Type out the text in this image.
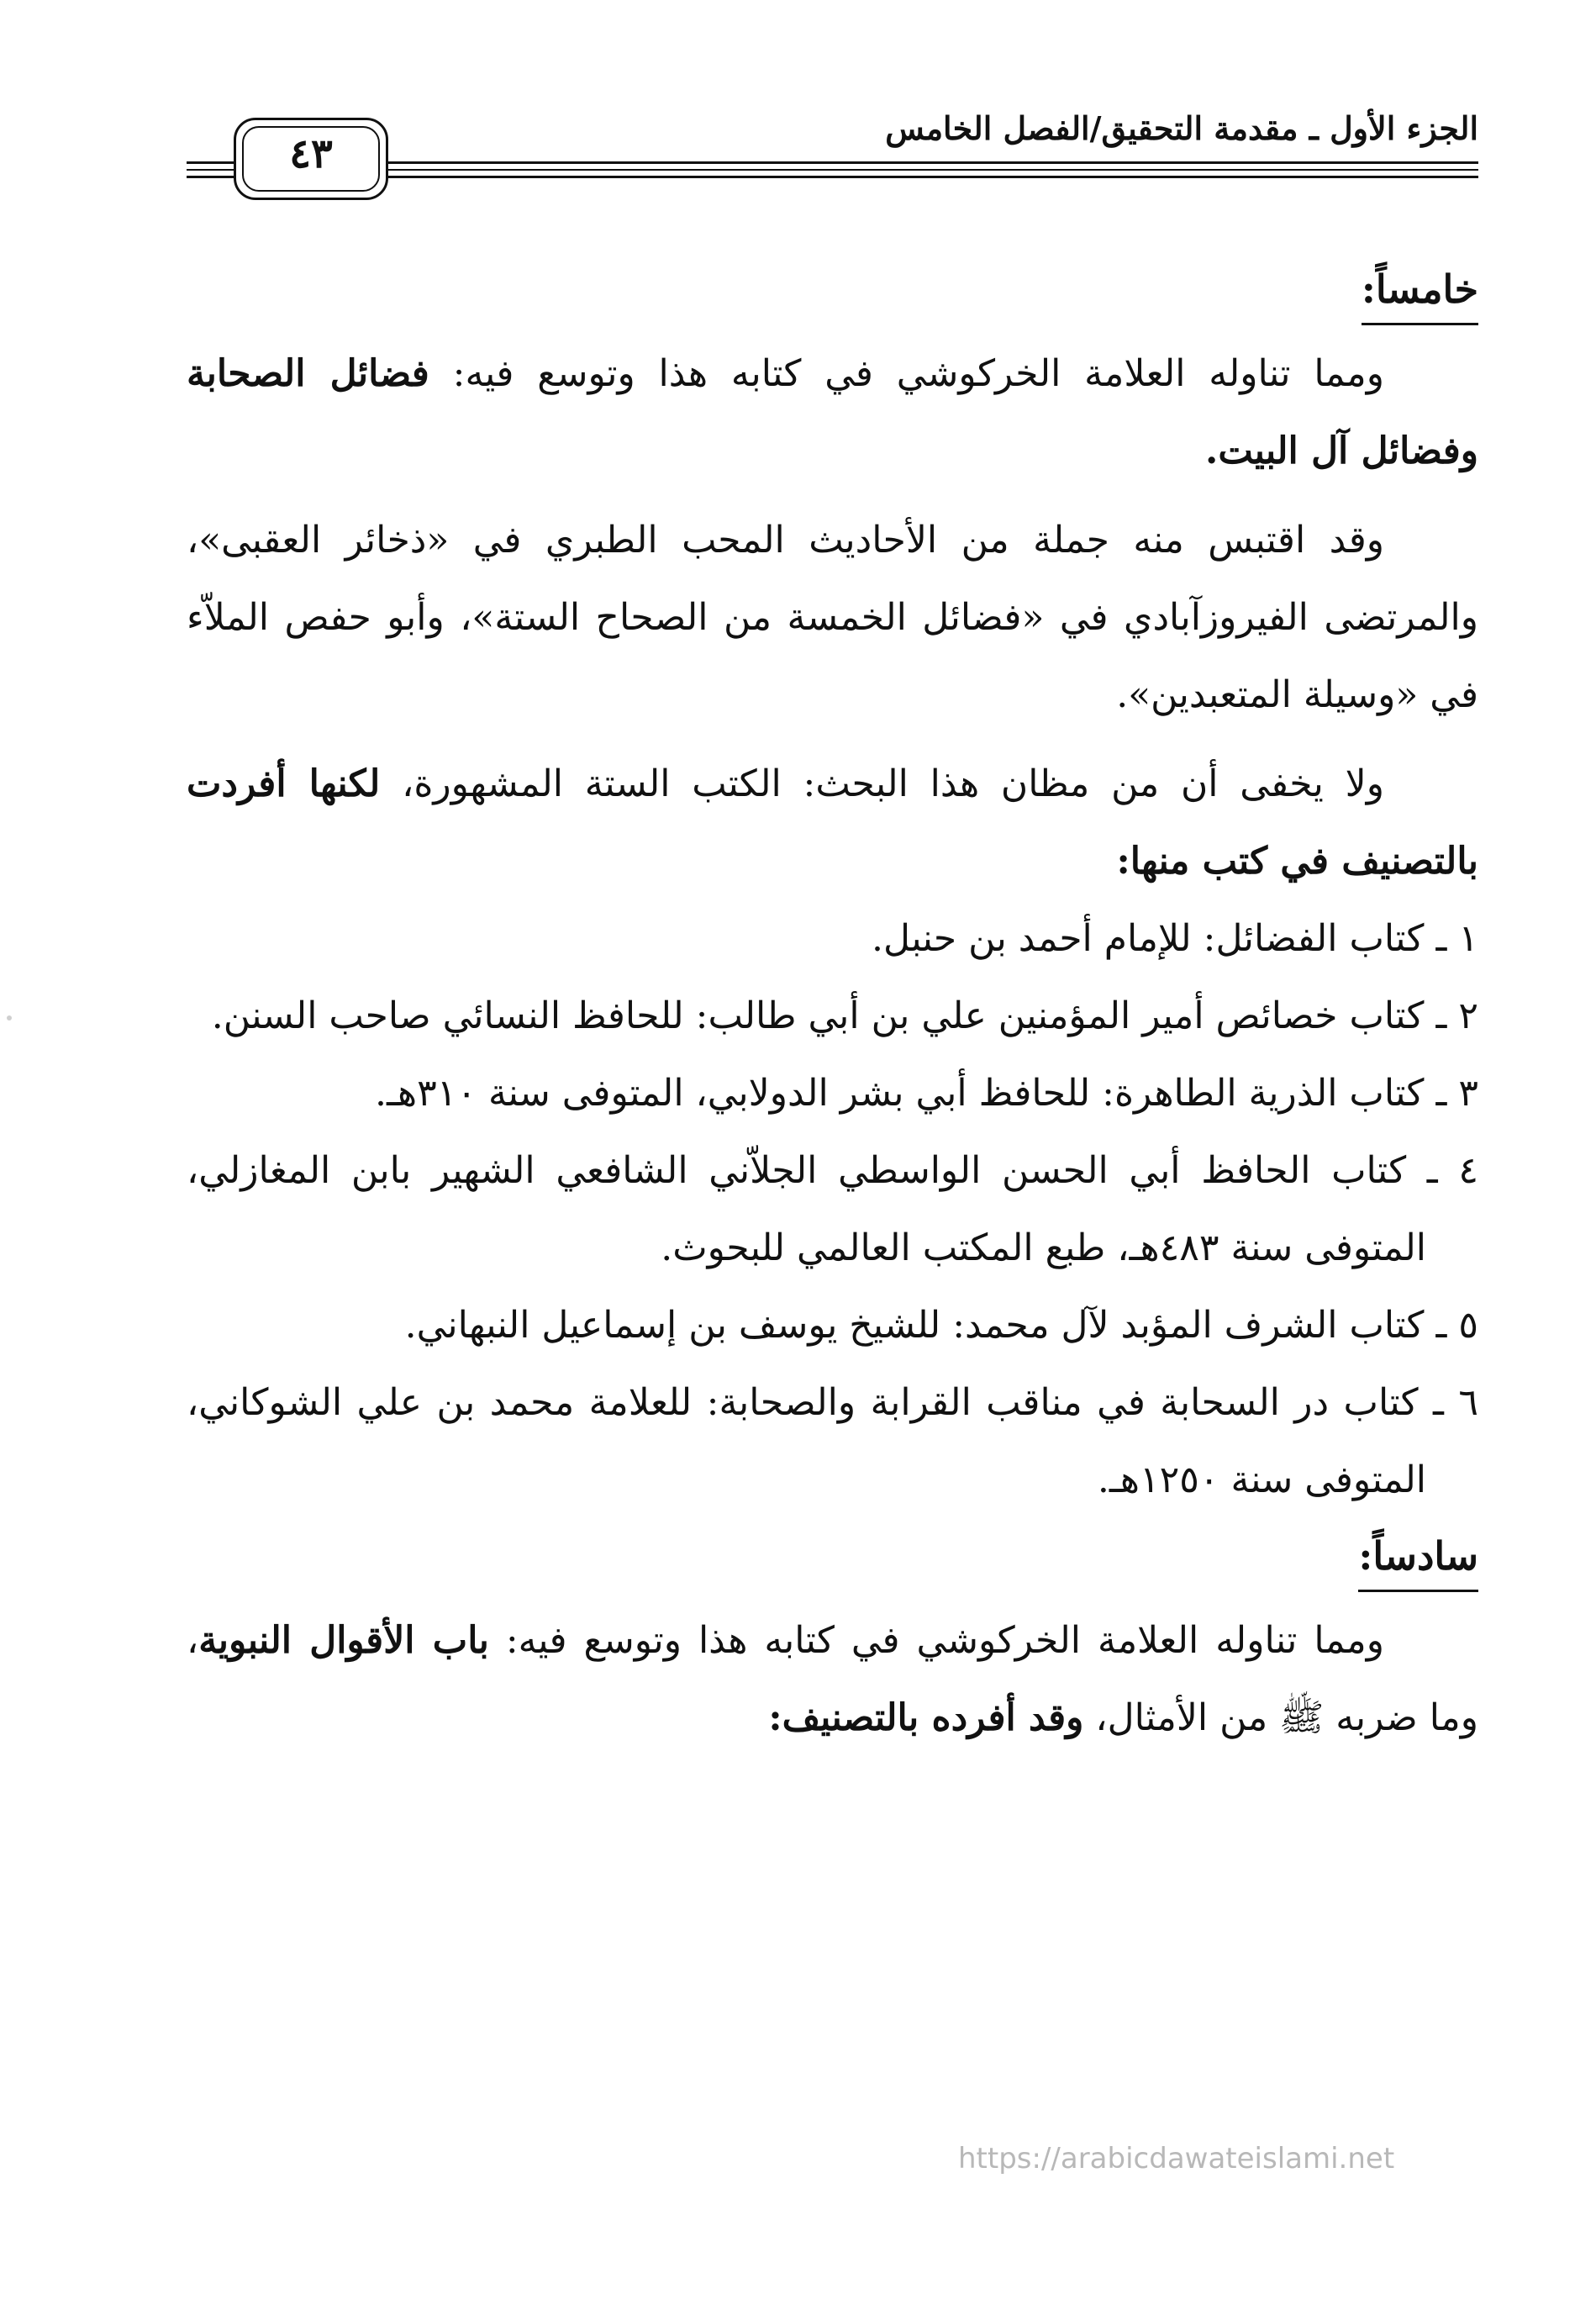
الجزء الأول ـ مقدمة التحقيق/الفصل الخامس
٤٣
خامساً:

ومما تناوله العلامة الخركوشي في كتابه هذا وتوسع فيه: فضائل الصحابة وفضائل آل البيت.

وقد اقتبس منه جملة من الأحاديث المحب الطبري في «ذخائر العقبى»، والمرتضى الفيروزآبادي في «فضائل الخمسة من الصحاح الستة»، وأبو حفص الملاّء في «وسيلة المتعبدين».

ولا يخفى أن من مظان هذا البحث: الكتب الستة المشهورة، لكنها أفردت بالتصنيف في كتب منها:

١ ـ كتاب الفضائل: للإمام أحمد بن حنبل.

٢ ـ كتاب خصائص أمير المؤمنين علي بن أبي طالب: للحافظ النسائي صاحب السنن.

٣ ـ كتاب الذرية الطاهرة: للحافظ أبي بشر الدولابي، المتوفى سنة ٣١٠هـ.

٤ ـ كتاب الحافظ أبي الحسن الواسطي الجلاّني الشافعي الشهير بابن المغازلي، المتوفى سنة ٤٨٣هـ، طبع المكتب العالمي للبحوث.

٥ ـ كتاب الشرف المؤبد لآل محمد: للشيخ يوسف بن إسماعيل النبهاني.

٦ ـ كتاب در السحابة في مناقب القرابة والصحابة: للعلامة محمد بن علي الشوكاني، المتوفى سنة ١٢٥٠هـ.

سادساً:

ومما تناوله العلامة الخركوشي في كتابه هذا وتوسع فيه: باب الأقوال النبوية، وما ضربه ﷺ من الأمثال، وقد أفرده بالتصنيف:

https://arabicdawateislami.net
